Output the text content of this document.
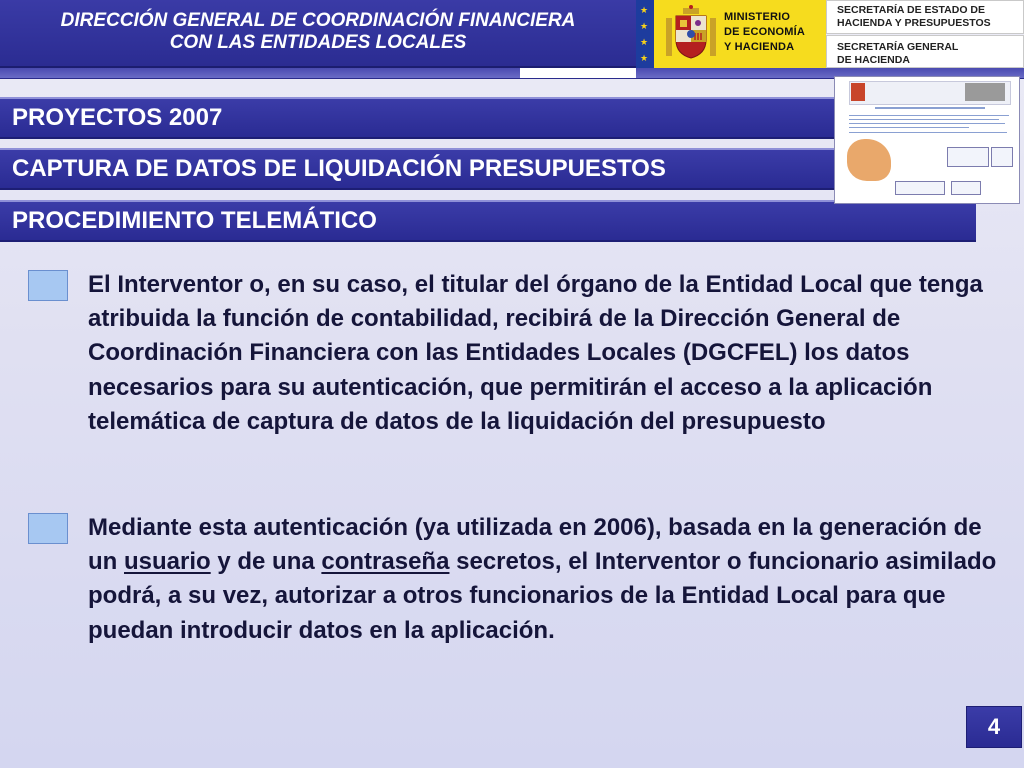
DIRECCIÓN GENERAL DE COORDINACIÓN FINANCIERA
CON LAS ENTIDADES LOCALES
★
★
★
★
MINISTERIO
DE ECONOMÍA
Y HACIENDA
SECRETARÍA DE ESTADO DE
HACIENDA Y PRESUPUESTOS
SECRETARÍA GENERAL
DE HACIENDA
PROYECTOS 2007
CAPTURA DE DATOS DE LIQUIDACIÓN PRESUPUESTOS
PROCEDIMIENTO TELEMÁTICO
El Interventor o, en su caso, el titular del órgano de la Entidad Local que tenga atribuida la función de contabilidad, recibirá de la Dirección General de Coordinación Financiera con las Entidades Locales (DGCFEL) los datos necesarios para su autenticación, que permitirán el acceso a la aplicación telemática de captura de datos de la liquidación del presupuesto
Mediante esta autenticación (ya utilizada en 2006), basada en la generación de un usuario y de una contraseña secretos, el Interventor o funcionario asimilado podrá, a su vez, autorizar a otros funcionarios de la Entidad Local para que puedan introducir datos en la aplicación.
4
